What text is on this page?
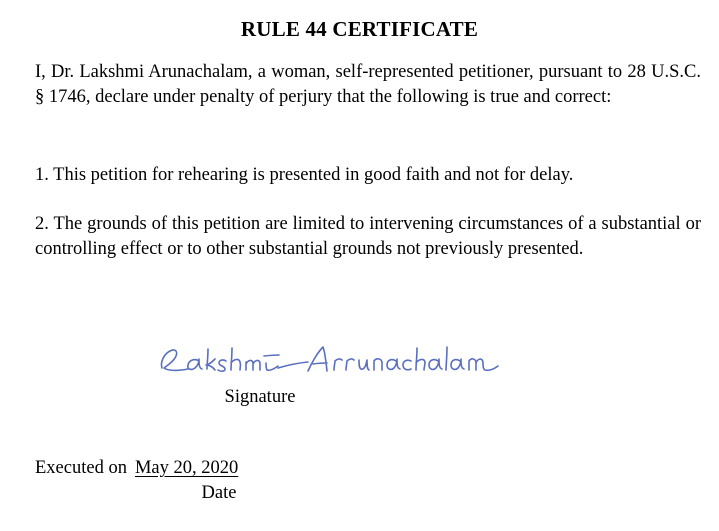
RULE 44 CERTIFICATE

I, Dr. Lakshmi Arunachalam, a woman, self-represented petitioner, pursuant to 28 U.S.C. § 1746, declare under penalty of perjury that the following is true and correct:

1. This petition for rehearing is presented in good faith and not for delay.

2. The grounds of this petition are limited to intervening circumstances of a substantial or controlling effect or to other substantial grounds not previously presented.

Signature
Executed on May 20, 2020
Date
